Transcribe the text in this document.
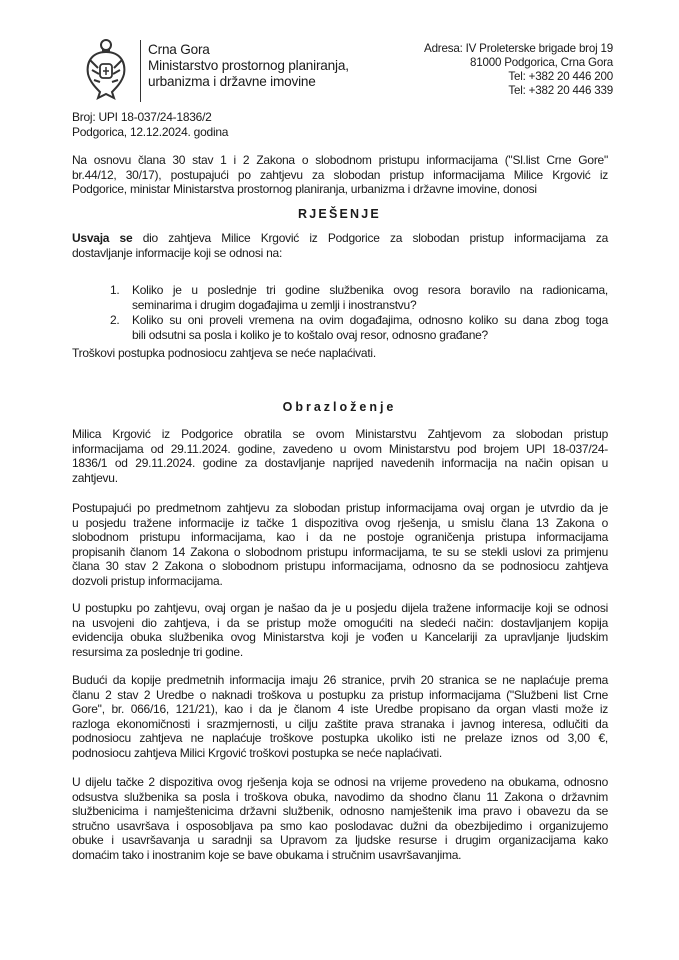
Crna Gora
Ministarstvo prostornog planiranja,
urbanizma i državne imovine
Adresa: IV Proleterske brigade broj 19
81000 Podgorica, Crna Gora
Tel: +382 20 446 200
Tel: +382 20 446 339
Broj: UPI 18-037/24-1836/2
Podgorica, 12.12.2024. godina
Na osnovu člana 30 stav 1 i 2 Zakona o slobodnom pristupu informacijama ("Sl.list Crne Gore"
br.44/12, 30/17), postupajući po zahtjevu za slobodan pristup informacijama Milice Krgović iz
Podgorice, ministar Ministarstva prostornog planiranja, urbanizma i državne imovine, donosi
RJEŠENJE
Usvaja se dio zahtjeva Milice Krgović iz Podgorice za slobodan pristup informacijama za
dostavljanje informacije koji se odnosi na:
1. Koliko je u poslednje tri godine službenika ovog resora boravilo na radionicama,
seminarima i drugim događajima u zemlji i inostranstvu?
2. Koliko su oni proveli vremena na ovim događajima, odnosno koliko su dana zbog toga
bili odsutni sa posla i koliko je to koštalo ovaj resor, odnosno građane?
Troškovi postupka podnosiocu zahtjeva se neće naplaćivati.
Obrazloženje
Milica Krgović iz Podgorice obratila se ovom Ministarstvu Zahtjevom za slobodan pristup
informacijama od 29.11.2024. godine, zavedeno u ovom Ministarstvu pod brojem UPI 18-037/24-
1836/1 od 29.11.2024. godine za dostavljanje naprijed navedenih informacija na način opisan u
zahtjevu.
Postupajući po predmetnom zahtjevu za slobodan pristup informacijama ovaj organ je utvrdio da je
u posjedu tražene informacije iz tačke 1 dispozitiva ovog rješenja, u smislu člana 13 Zakona o
slobodnom pristupu informacijama, kao i da ne postoje ograničenja pristupa informacijama
propisanih članom 14 Zakona o slobodnom pristupu informacijama, te su se stekli uslovi za primjenu
člana 30 stav 2 Zakona o slobodnom pristupu informacijama, odnosno da se podnosiocu zahtjeva
dozvoli pristup informacijama.
U postupku po zahtjevu, ovaj organ je našao da je u posjedu dijela tražene informacije koji se odnosi
na usvojeni dio zahtjeva, i da se pristup može omogućiti na sledeći način: dostavljanjem kopija
evidencija obuka službenika ovog Ministarstva koji je vođen u Kancelariji za upravljanje ljudskim
resursima za poslednje tri godine.
Budući da kopije predmetnih informacija imaju 26 stranice, prvih 20 stranica se ne naplaćuje prema
članu 2 stav 2 Uredbe o naknadi troškova u postupku za pristup informacijama ("Službeni list Crne
Gore", br. 066/16, 121/21), kao i da je članom 4 iste Uredbe propisano da organ vlasti može iz
razloga ekonomičnosti i srazmjernosti, u cilju zaštite prava stranaka i javnog interesa, odlučiti da
podnosiocu zahtjeva ne naplaćuje troškove postupka ukoliko isti ne prelaze iznos od 3,00 €,
podnosiocu zahtjeva Milici Krgović troškovi postupka se neće naplaćivati.
U dijelu tačke 2 dispozitiva ovog rješenja koja se odnosi na vrijeme provedeno na obukama, odnosno
odsustva službenika sa posla i troškova obuka, navodimo da shodno članu 11 Zakona o državnim
službenicima i namještenicima državni službenik, odnosno namještenik ima pravo i obavezu da se
stručno usavršava i osposobljava pa smo kao poslodavac dužni da obezbijedimo i organizujemo
obuke i usavršavanja u saradnji sa Upravom za ljudske resurse i drugim organizacijama kako
domaćim tako i inostranim koje se bave obukama i stručnim usavršavanjima.
